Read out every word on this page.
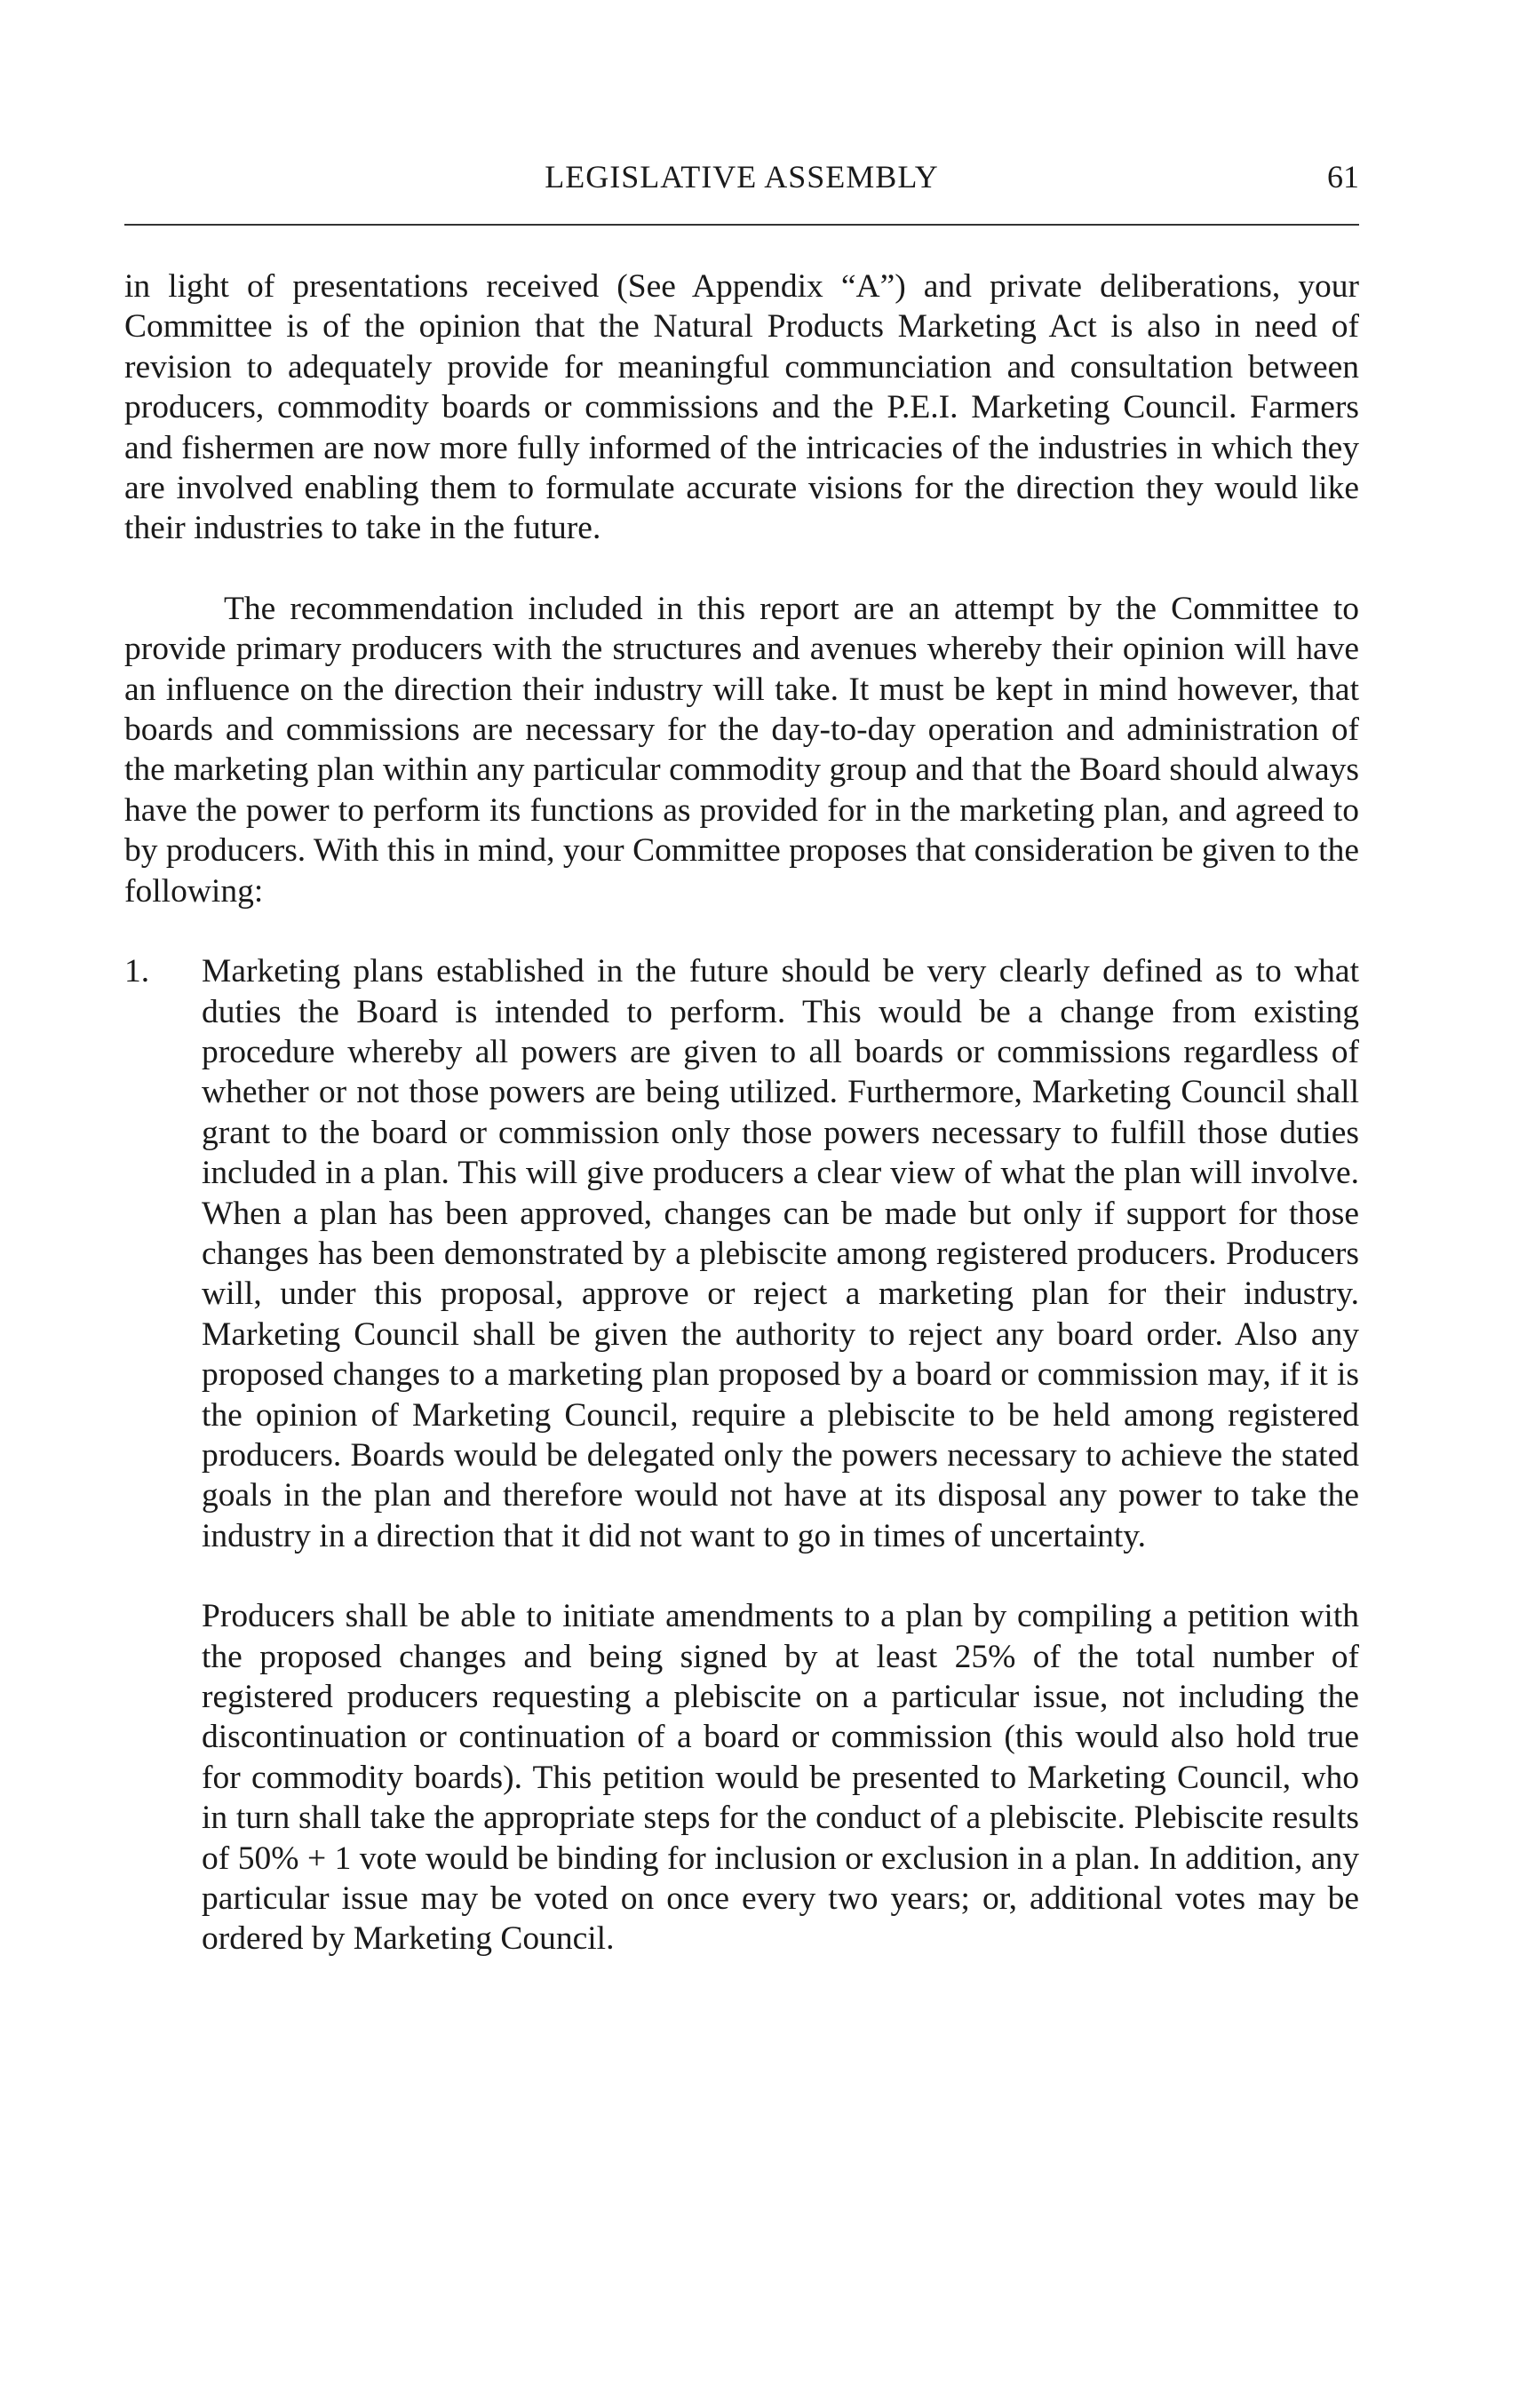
LEGISLATIVE ASSEMBLY	61

in light of presentations received (See Appendix “A”) and private deliberations, your Committee is of the opinion that the Natural Products Marketing Act is also in need of revision to adequately provide for meaningful communciation and consultation between producers, commodity boards or commissions and the P.E.I. Marketing Council. Farmers and fishermen are now more fully informed of the intricacies of the industries in which they are involved enabling them to formulate accurate visions for the direction they would like their industries to take in the future.

The recommendation included in this report are an attempt by the Committee to provide primary producers with the structures and avenues whereby their opinion will have an influence on the direction their industry will take. It must be kept in mind however, that boards and commissions are necessary for the day-to-day operation and administration of the marketing plan within any particular commodity group and that the Board should always have the power to perform its functions as provided for in the marketing plan, and agreed to by producers. With this in mind, your Committee proposes that consideration be given to the following:

1.	Marketing plans established in the future should be very clearly defined as to what duties the Board is intended to perform. This would be a change from existing procedure whereby all powers are given to all boards or commissions regardless of whether or not those powers are being utilized. Furthermore, Marketing Council shall grant to the board or commission only those powers necessary to fulfill those duties included in a plan. This will give producers a clear view of what the plan will involve. When a plan has been approved, changes can be made but only if support for those changes has been demonstrated by a plebiscite among registered producers. Producers will, under this proposal, approve or reject a marketing plan for their industry. Marketing Council shall be given the authority to reject any board order. Also any proposed changes to a marketing plan proposed by a board or commission may, if it is the opinion of Marketing Council, require a plebiscite to be held among registered producers. Boards would be delegated only the powers necessary to achieve the stated goals in the plan and therefore would not have at its disposal any power to take the industry in a direction that it did not want to go in times of uncertainty.

Producers shall be able to initiate amendments to a plan by compiling a petition with the proposed changes and being signed by at least 25% of the total number of registered producers requesting a plebiscite on a particular issue, not including the discontinuation or continuation of a board or commission (this would also hold true for commodity boards). This petition would be presented to Marketing Council, who in turn shall take the appropriate steps for the conduct of a plebiscite. Plebiscite results of 50% + 1 vote would be binding for inclusion or exclusion in a plan. In addition, any particular issue may be voted on once every two years; or, additional votes may be ordered by Marketing Council.
